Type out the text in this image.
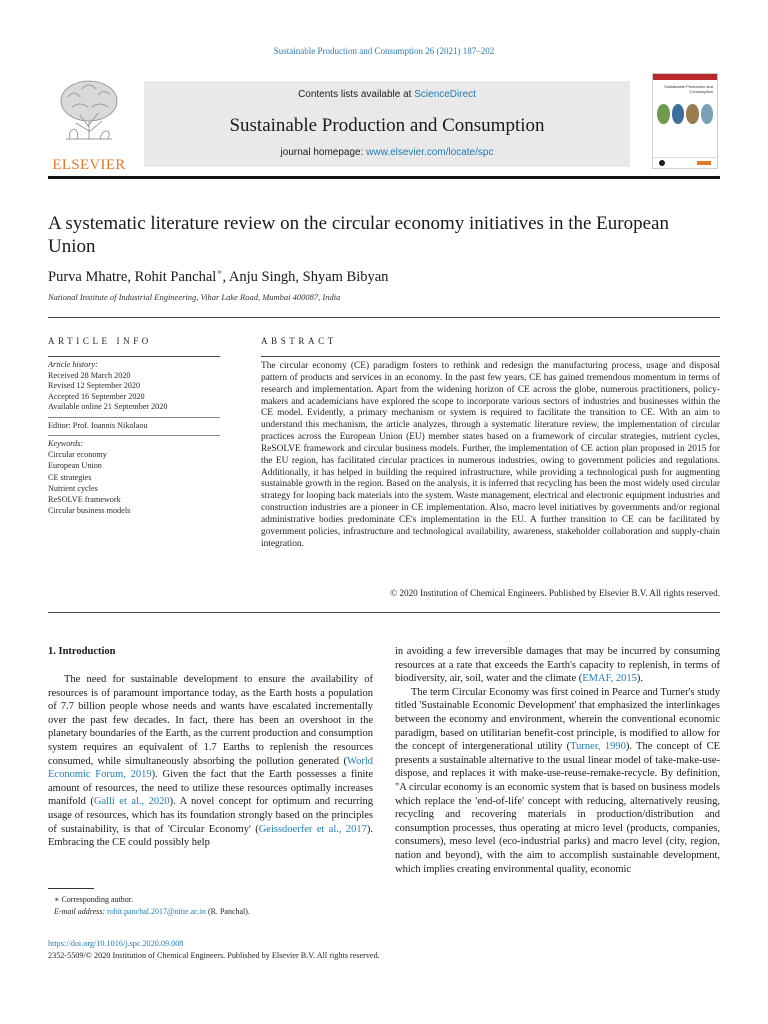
Sustainable Production and Consumption 26 (2021) 187–202
ELSEVIER
Contents lists available at ScienceDirect
Sustainable Production and Consumption
journal homepage: www.elsevier.com/locate/spc
Sustainable Production and Consumption
A systematic literature review on the circular economy initiatives in the European Union
Purva Mhatre, Rohit Panchal∗, Anju Singh, Shyam Bibyan
National Institute of Industrial Engineering, Vihar Lake Road, Mumbai 400087, India
ARTICLE INFO
Article history:
Received 28 March 2020
Revised 12 September 2020
Accepted 16 September 2020
Available online 21 September 2020
Editor: Prof. Ioannis Nikolaou
Keywords:
Circular economy
European Union
CE strategies
Nutrient cycles
ReSOLVE framework
Circular business models
ABSTRACT
The circular economy (CE) paradigm fosters to rethink and redesign the manufacturing process, usage and disposal pattern of products and services in an economy. In the past few years, CE has gained tremendous momentum in terms of research and implementation. Apart from the widening horizon of CE across the globe, numerous practitioners, policy-makers and academicians have explored the scope to incorporate various sectors of industries and businesses within the CE model. Evidently, a primary mechanism or system is required to facilitate the transition to CE. With an aim to understand this mechanism, the article analyzes, through a systematic literature review, the implementation of circular practices across the European Union (EU) member states based on a framework of circular strategies, nutrient cycles, ReSOLVE framework and circular business models. Further, the implementation of CE action plan proposed in 2015 for the EU region, has facilitated circular practices in numerous industries, owing to government policies and regulations. Additionally, it has helped in building the required infrastructure, while providing a technological push for augmenting sustainable growth in the region. Based on the analysis, it is inferred that recycling has been the most widely used circular strategy for looping back materials into the system. Waste management, electrical and electronic equipment industries and construction industries are a pioneer in CE implementation. Also, macro level initiatives by governments and/or regional administrative bodies predominate CE's implementation in the EU. A further transition to CE can be facilitated by government policies, infrastructure and technological availability, awareness, stakeholder collaboration and supply-chain integration.
© 2020 Institution of Chemical Engineers. Published by Elsevier B.V. All rights reserved.
1. Introduction

The need for sustainable development to ensure the availability of resources is of paramount importance today, as the Earth hosts a population of 7.7 billion people whose needs and wants have escalated incrementally over the past few decades. In fact, there has been an overshoot in the planetary boundaries of the Earth, as the current production and consumption system requires an equivalent of 1.7 Earths to replenish the resources consumed, while simultaneously absorbing the pollution generated (World Economic Forum, 2019). Given the fact that the Earth possesses a finite amount of resources, the need to utilize these resources optimally increases manifold (Galli et al., 2020). A novel concept for optimum and recurring usage of resources, which has its foundation strongly based on the principles of sustainability, is that of 'Circular Economy' (Geissdoerfer et al., 2017). Embracing the CE could possibly help

in avoiding a few irreversible damages that may be incurred by consuming resources at a rate that exceeds the Earth's capacity to replenish, in terms of biodiversity, air, soil, water and the climate (EMAF, 2015).

The term Circular Economy was first coined in Pearce and Turner's study titled 'Sustainable Economic Development' that emphasized the interlinkages between the economy and environment, wherein the conventional economic paradigm, based on utilitarian benefit-cost principle, is modified to allow for the concept of intergenerational utility (Turner, 1990). The concept of CE presents a sustainable alternative to the usual linear model of take-make-use-dispose, and replaces it with make-use-reuse-remake-recycle. By definition, "A circular economy is an economic system that is based on business models which replace the 'end-of-life' concept with reducing, alternatively reusing, recycling and recovering materials in production/distribution and consumption processes, thus operating at micro level (products, companies, consumers), meso level (eco-industrial parks) and macro level (city, region, nation and beyond), with the aim to accomplish sustainable development, which implies creating environmental quality, economic

∗ Corresponding author.
E-mail address: rohit.panchal.2017@nitie.ac.in (R. Panchal).
https://doi.org/10.1016/j.spc.2020.09.008
2352-5509/© 2020 Institution of Chemical Engineers. Published by Elsevier B.V. All rights reserved.
